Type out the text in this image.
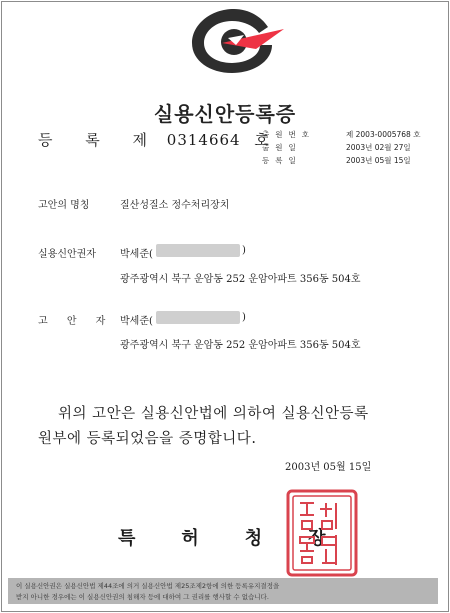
실용신안등록증
등 록 제 0314664 호
출원번호	제 2003-0005768 호
출원일	2003년 02월 27일
등록일	2003년 05월 15일
고안의 명칭	질산성질소 정수처리장치
실용신안권자 박세준(	)
광주광역시 북구 운암동 252 운암아파트 356동 504호
고 안 자 박세준(	)
광주광역시 북구 운암동 252 운암아파트 356동 504호
위의 고안은 실용신안법에 의하여 실용신안등록
원부에 등록되었음을 증명합니다.
2003년 05월 15일
특허청장
이 실용신안권은 실용신안법 제44조에 의거 실용신안법 제25조제2항에 의한 등록유지결정을
받지 아니한 경우에는 이 실용신안권의 침해자 등에 대하여 그 권리를 행사할 수 없습니다.
